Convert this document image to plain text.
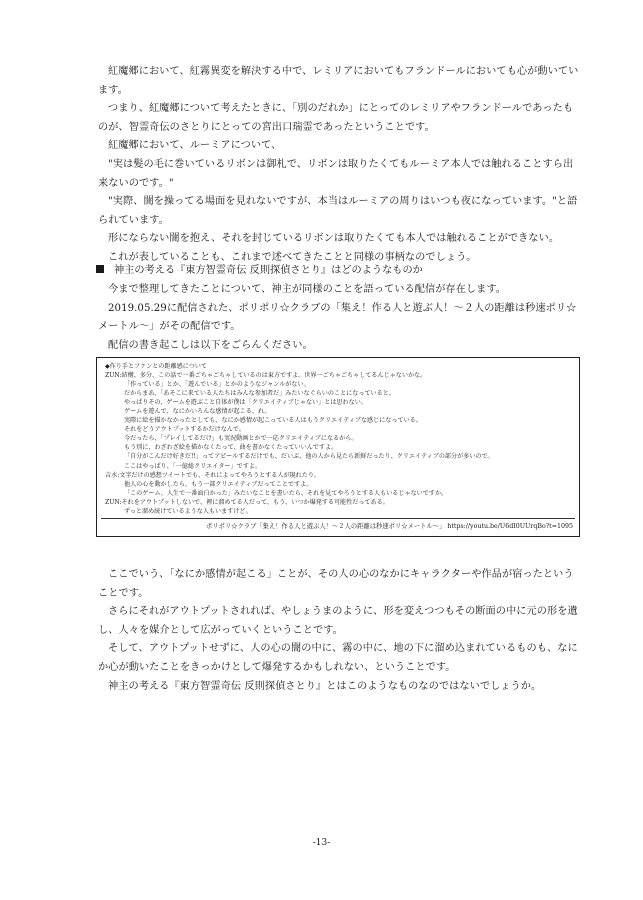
紅魔郷において、紅霧異変を解決する中で、レミリアにおいてもフランドールにおいても心が動いています。

つまり、紅魔郷について考えたときに、「別のだれか」にとってのレミリアやフランドールであったものが、智霊奇伝のさとりにとっての宮出口瑞霊であったということです。

紅魔郷において、ルーミアについて、

"実は髪の毛に巻いているリボンは御札で、リボンは取りたくてもルーミア本人では触れることすら出来ないのです。"

"実際、闇を操ってる場面を見れないですが、本当はルーミアの周りはいつも夜になっています。"と語られています。

形にならない闇を抱え、それを封じているリボンは取りたくても本人では触れることができない。

これが表していることも、これまで述べてきたことと同様の事柄なのでしょう。

神主の考える『東方智霊奇伝 反則探偵さとり』はどのようなものか

今まで整理してきたことについて、神主が同様のことを語っている配信が存在します。

2019.05.29に配信された、ポリポリ☆クラブの「集え！作る人と遊ぶ人！～２人の距離は秒速ポリ☆メートル～」がその配信です。

配信の書き起こしは以下をごらんください。

◆作り手とファンとの距離感について
ZUN:結構、多分、この話で一番ごちゃごちゃしているのは東方ですよ。世界一ごちゃごちゃしてるんじゃないかな。
「作っている」とか、「遊んでいる」とかのようなジャンルがない。
だからまあ、「あそこに来ている人たちはみんな参加者だ」みたいなぐらいのことになっていると。
やっぱりその、ゲームを遊ぶこと自体が僕は「クリエイティブじゃない」とは思わない。
ゲームを遊んで、なにかいろんな感情が起こる、れ。
実際に絵を描かなかったとしても、なにか感情が起こっている人はもうクリエイティブな感じになっている。
それをどうアウトプットするかだけなんで。
今だったら、「プレイしてるだけ」も実況動画とかで一応クリエイティブになるから。
もう別に、わざわざ絵を描かなくたって、曲を書かなくたっていいんですよ。
「自分がこんだけ好きだ!!」ってアピールするだけでも、だいぶ、他の人から見たら新鮮だったり、クリエイティブの部分が多いので。
ここはやっぱり、「一億総クリエイター」ですよ。
吉水:文字だけの感想ツイートでも、それによってやろうとする人が現れたり。
他人の心を動かしたら、もう一部クリエイティブだってことですよ。
「このゲーム、人生で一番面白かった」みたいなことを書いたら、それを見てやろうとする人もいるじゃないですか。
ZUN:それをアウトプットしないで、裡に溜めてる人だって、もう、いつか爆発する可能性だってある。
ずっと溜め続けているような人もいますけど。
ポリポリ☆クラブ「集え！作る人と遊ぶ人！～２人の距離は秒速ポリ☆メートル～」 https://youtu.be/U6dI0UUrqBo?t=1095

ここでいう、「なにか感情が起こる」ことが、その人の心のなかにキャラクターや作品が宿ったということです。

さらにそれがアウトプットされれば、やしょうまのように、形を変えつつもその断面の中に元の形を遺し、人々を媒介として広がっていくということです。

そして、アウトプットせずに、人の心の闇の中に、霧の中に、地の下に溜め込まれているものも、なにか心が動いたことをきっかけとして爆発するかもしれない、ということです。

神主の考える『東方智霊奇伝 反則探偵さとり』とはこのようなものなのではないでしょうか。

-13-
